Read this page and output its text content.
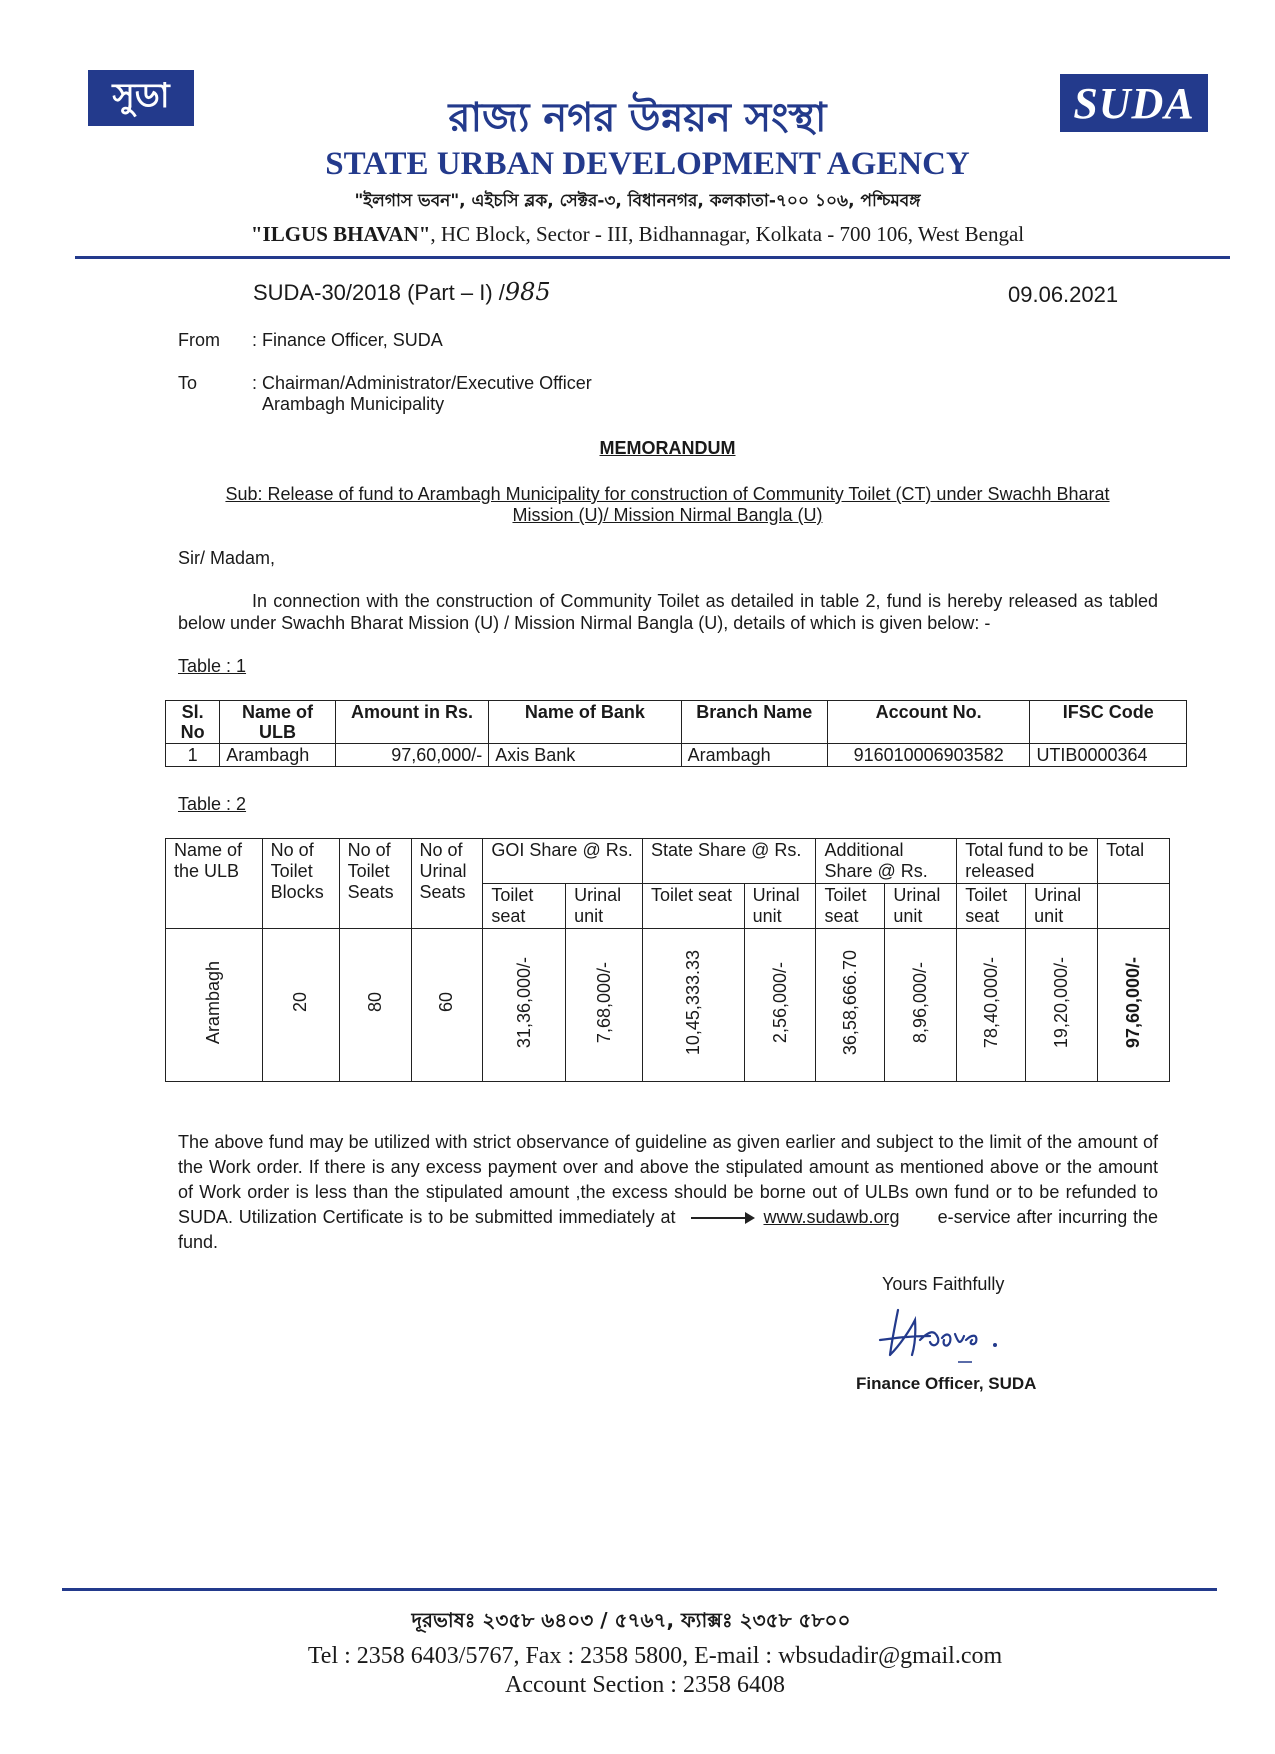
সুডা	SUDA
রাজ্য নগর উন্নয়ন সংস্থা
STATE URBAN DEVELOPMENT AGENCY
"ইলগাস ভবন", এইচসি ব্লক, সেক্টর-৩, বিধাননগর, কলকাতা-৭০০ ১০৬, পশ্চিমবঙ্গ
"ILGUS BHAVAN", HC Block, Sector - III, Bidhannagar, Kolkata - 700 106, West Bengal
SUDA-30/2018 (Part – I) /985	09.06.2021
From : Finance Officer, SUDA
To	: Chairman/Administrator/Executive Officer
Arambagh Municipality
MEMORANDUM
Sub: Release of fund to Arambagh Municipality for construction of Community Toilet (CT) under Swachh Bharat Mission (U)/ Mission Nirmal Bangla (U)
Sir/ Madam,
In connection with the construction of Community Toilet as detailed in table 2, fund is hereby released as tabled below under Swachh Bharat Mission (U) / Mission Nirmal Bangla (U), details of which is given below: -
Table : 1
Sl. No	Name of ULB	Amount in Rs.	Name of Bank	Branch Name	Account No.	IFSC Code
1	Arambagh	97,60,000/-	Axis Bank	Arambagh	916010006903582	UTIB0000364
Table : 2
Name of the ULB	No of Toilet Blocks	No of Toilet Seats	No of Urinal Seats	GOI Share @ Rs.		State Share @ Rs.		Additional Share @ Rs.		Total fund to be released		Total
				Toilet seat	Urinal unit	Toilet seat	Urinal unit	Toilet seat	Urinal unit	Toilet seat	Urinal unit	
Arambagh	20	80	60	31,36,000/-	7,68,000/-	10,45,333.33	2,56,000/-	36,58,666.70	8,96,000/-	78,40,000/-	19,20,000/-	97,60,000/-
The above fund may be utilized with strict observance of guideline as given earlier and subject to the limit of the amount of the Work order. If there is any excess payment over and above the stipulated amount as mentioned above or the amount of Work order is less than the stipulated amount ,the excess should be borne out of ULBs own fund or to be refunded to SUDA. Utilization Certificate is to be submitted immediately at	www.sudawb.org e-service after incurring the fund.
Yours Faithfully
Finance Officer, SUDA
দূরভাষঃ ২৩৫৮ ৬৪০৩ / ৫৭৬৭, ফ্যাক্সঃ ২৩৫৮ ৫৮০০
Tel : 2358 6403/5767, Fax : 2358 5800, E-mail : wbsudadir@gmail.com
Account Section : 2358 6408
